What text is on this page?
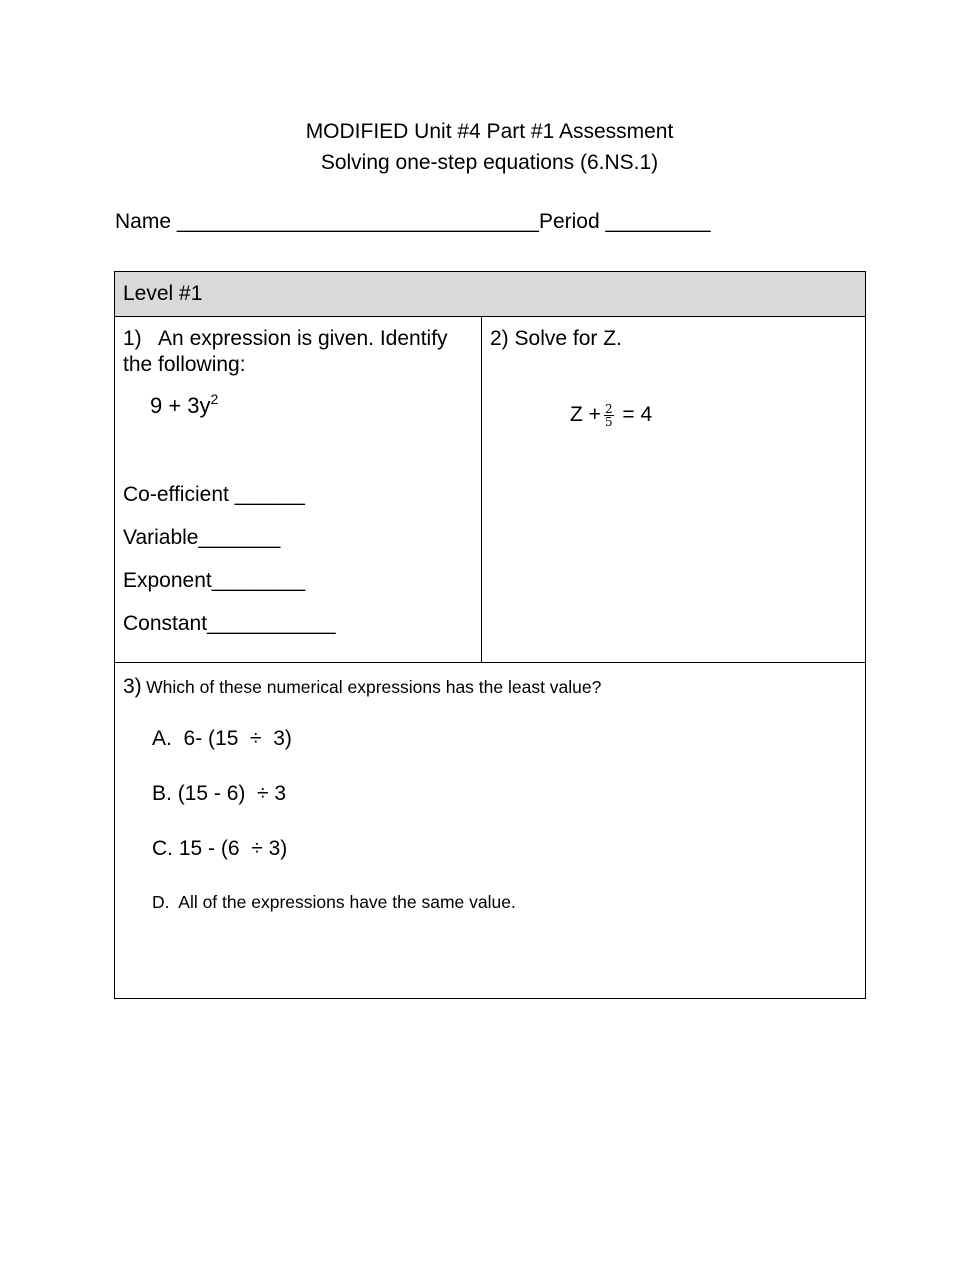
MODIFIED Unit #4 Part #1 Assessment
Solving one-step equations (6.NS.1)
Name _______________________________Period _________
Level #1

1) An expression is given. Identify
the following:
$9 + 3y^2$
Co-efficient ______
Variable_______
Exponent________
Constant___________

2) Solve for Z.
$Z + \frac{2}{5} = 4$

3) Which of these numerical expressions has the least value?
A. 6- (15  ÷  3)
B. (15 - 6)  ÷ 3
C. 15 - (6  ÷ 3)
D. All of the expressions have the same value.
